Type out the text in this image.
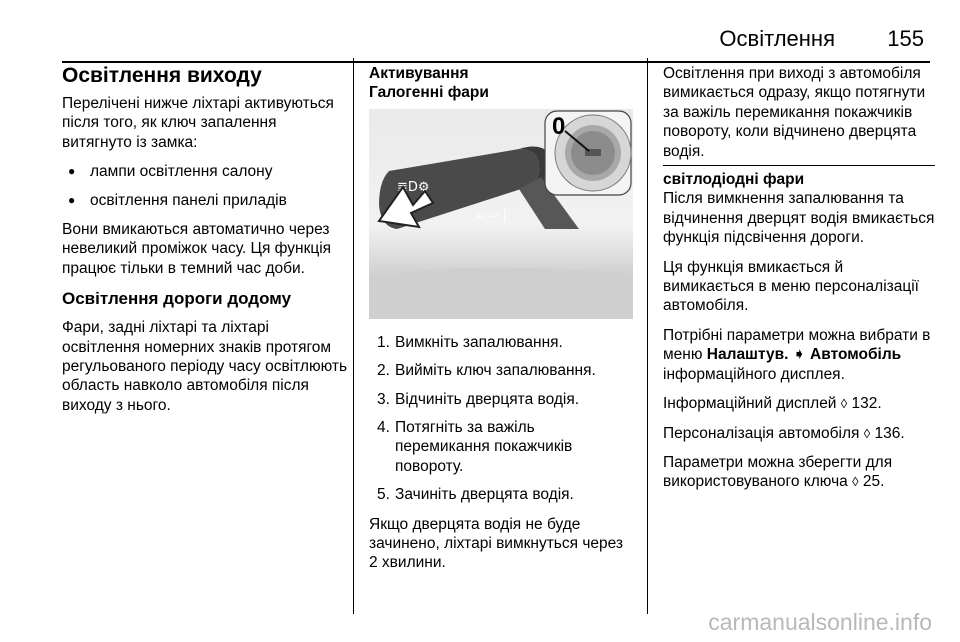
Освітлення 155
Освітлення виходу

Перелічені нижче ліхтарі активуються після того, як ключ запалення витягнуто із замка:

● лампи освітлення салону
● освітлення панелі приладів

Вони вмикаються автоматично через невеликий проміжок часу. Ця функція працює тільки в темний час доби.

Освітлення дороги додому

Фари, задні ліхтарі та ліхтарі освітлення номерних знаків протягом регульованого періоду часу освітлюють область навколо автомобіля після виходу з нього.

Активування
Галогенні фари
≣D⚙
⇦ ⇨ |
0
1. Вимкніть запалювання.
2. Вийміть ключ запалювання.
3. Відчиніть дверцята водія.
4. Потягніть за важіль перемикання покажчиків повороту.
5. Зачиніть дверцята водія.

Якщо дверцята водія не буде зачинено, ліхтарі вимкнуться через 2 хвилини.

Освітлення при виході з автомобіля вимикається одразу, якщо потягнути за важіль перемикання покажчиків повороту, коли відчинено дверцята водія.

світлодіодні фари

Після вимкнення запалювання та відчинення дверцят водія вмикається функція підсвічення дороги.

Ця функція вмикається й вимикається в меню персоналізації автомобіля.

Потрібні параметри можна вибрати в меню Налаштув. ➧ Автомобіль інформаційного дисплея.

Інформаційний дисплей ◊ 132.

Персоналізація автомобіля ◊ 136.

Параметри можна зберегти для використовуваного ключа ◊ 25.

carmanualsonline.info
